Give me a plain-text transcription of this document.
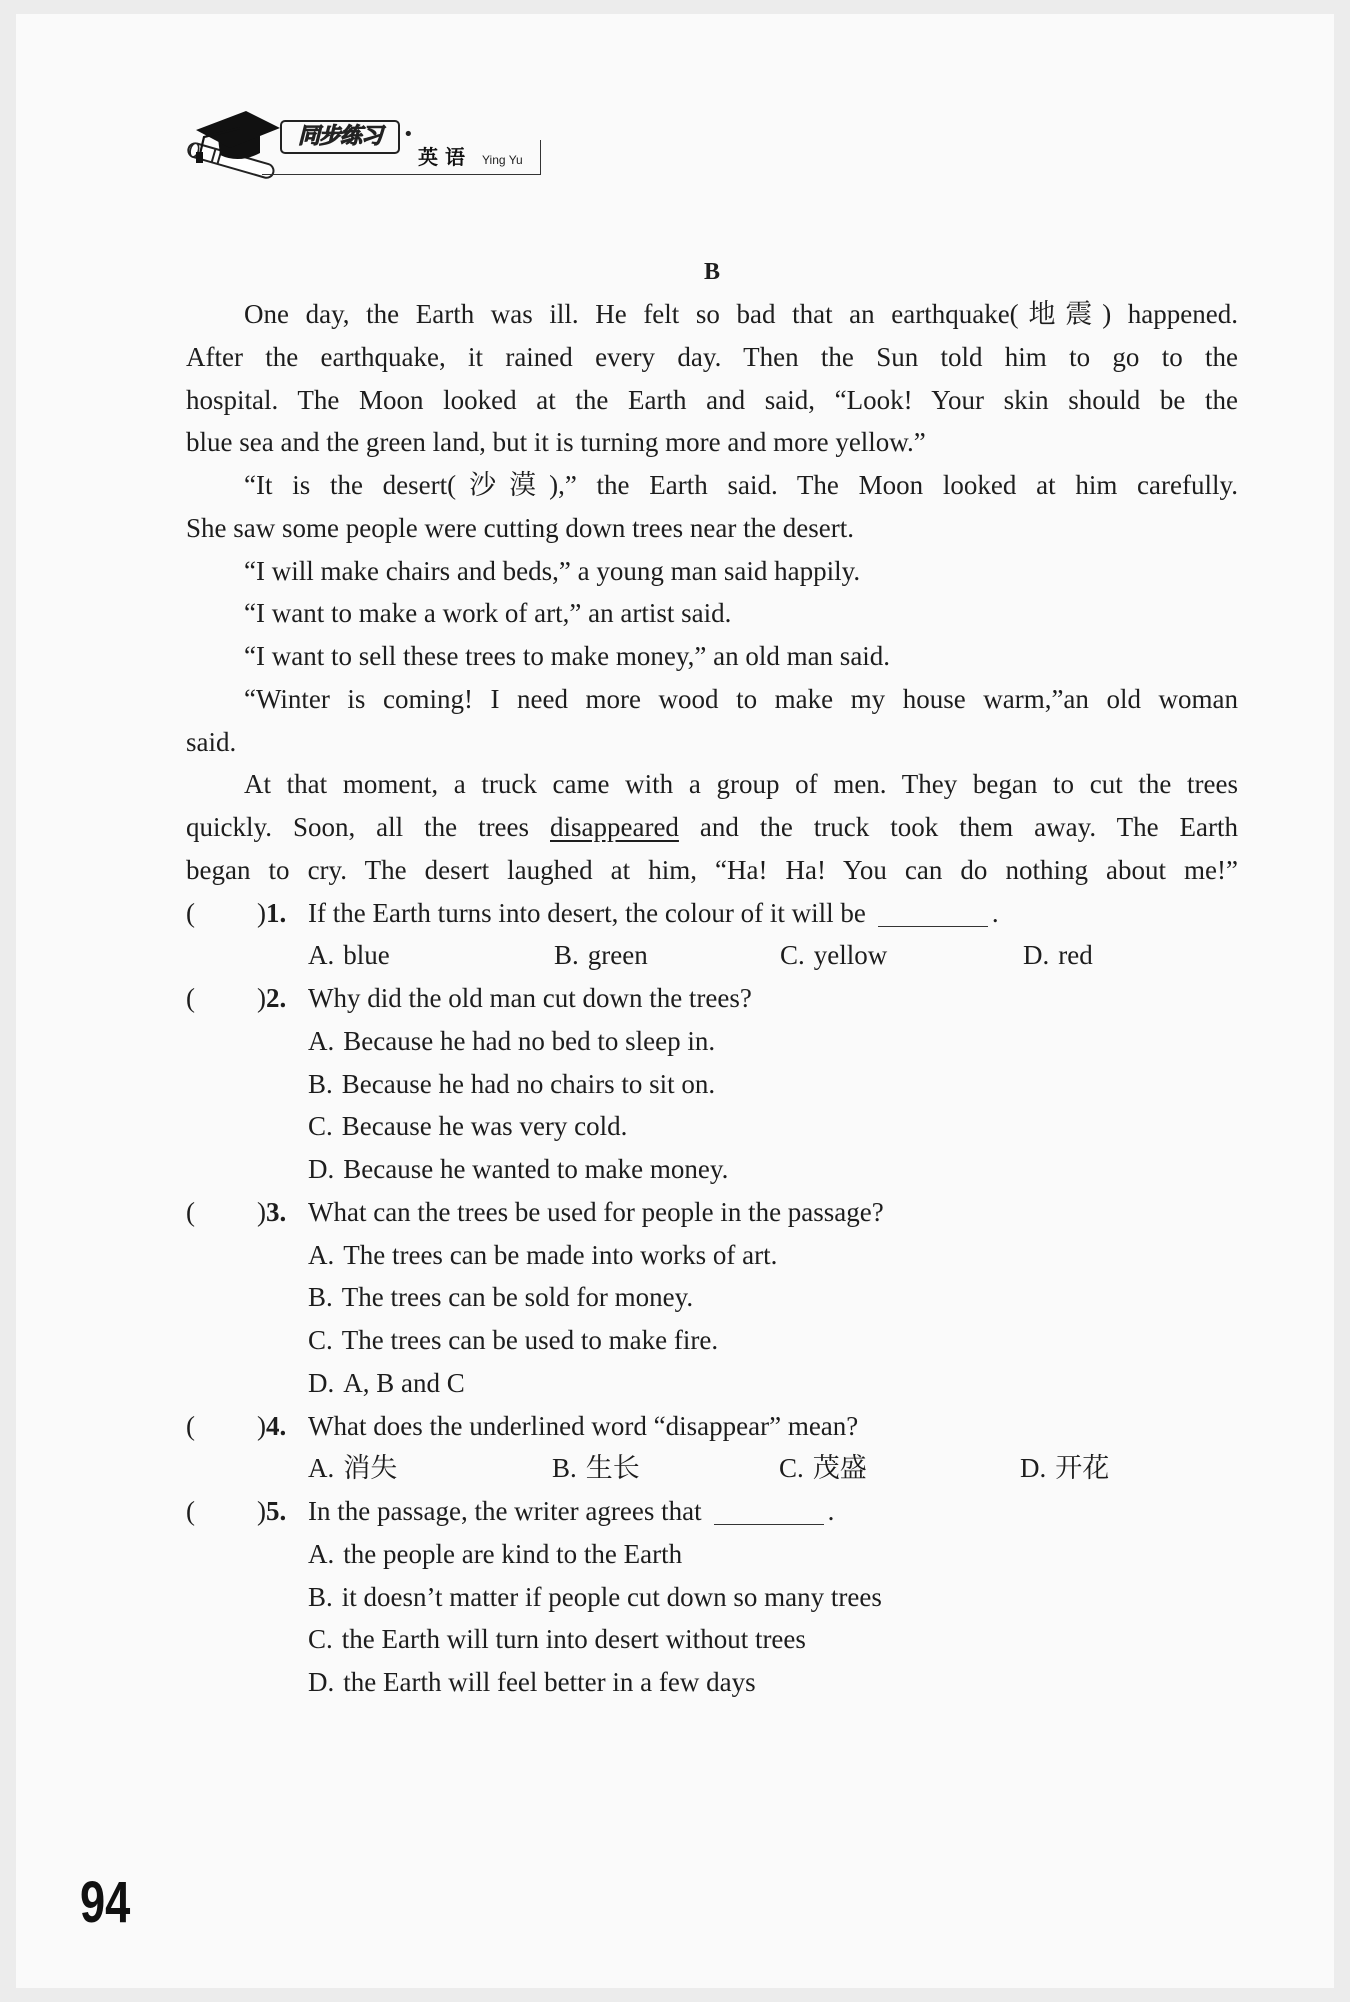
同步练习	•
英 语 Ying Yu
B
One day, the Earth was ill. He felt so bad that an earthquake(地震) happened.
After the earthquake, it rained every day. Then the Sun told him to go to the
hospital. The Moon looked at the Earth and said, “Look! Your skin should be the
blue sea and the green land, but it is turning more and more yellow.”
“It is the desert(沙漠),” the Earth said. The Moon looked at him carefully.
She saw some people were cutting down trees near the desert.
“I will make chairs and beds,” a young man said happily.
“I want to make a work of art,” an artist said.
“I want to sell these trees to make money,” an old man said.
“Winter is coming! I need more wood to make my house warm,”an old woman
said.
At that moment, a truck came with a group of men. They began to cut the trees
quickly. Soon, all the trees disappeared and the truck took them away. The Earth
began to cry. The desert laughed at him, “Ha! Ha! You can do nothing about me!”
( ) 1. If the Earth turns into desert, the colour of it will be	.
A. blue	B. green	C. yellow	D. red
( ) 2. Why did the old man cut down the trees?
A. Because he had no bed to sleep in.
B. Because he had no chairs to sit on.
C. Because he was very cold.
D. Because he wanted to make money.
( ) 3. What can the trees be used for people in the passage?
A. The trees can be made into works of art.
B. The trees can be sold for money.
C. The trees can be used to make fire.
D. A, B and C
( ) 4. What does the underlined word “disappear” mean?
A. 消失	B. 生长	C. 茂盛	D. 开花
( ) 5. In the passage, the writer agrees that	.
A. the people are kind to the Earth
B. it doesn’t matter if people cut down so many trees
C. the Earth will turn into desert without trees
D. the Earth will feel better in a few days
94
